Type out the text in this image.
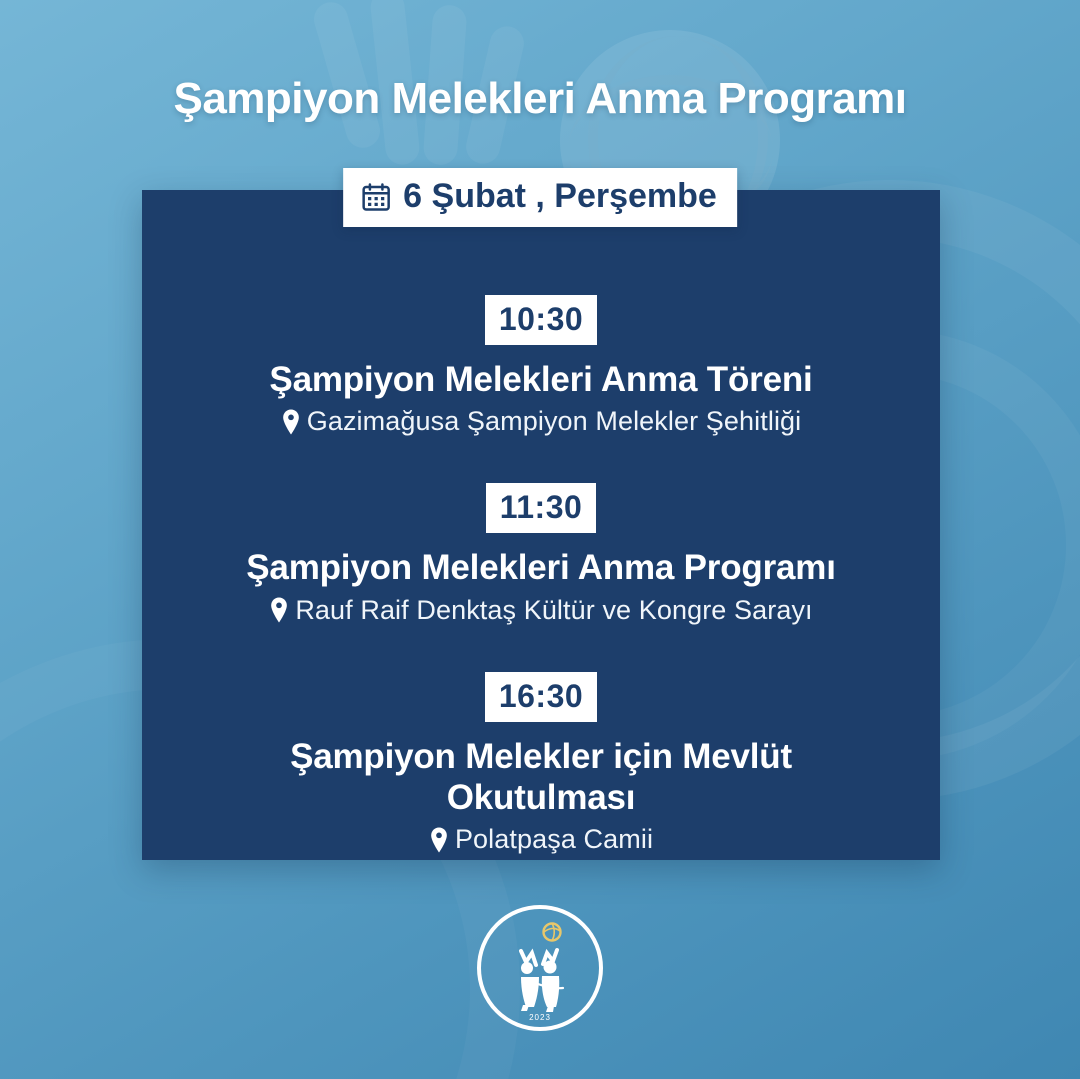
Şampiyon Melekleri Anma Programı
6 Şubat , Perşembe
10:30
Şampiyon Melekleri Anma Töreni
Gazimağusa Şampiyon Melekler Şehitliği
11:30
Şampiyon Melekleri Anma Programı
Rauf Raif Denktaş Kültür ve Kongre Sarayı
16:30
Şampiyon Melekler için Mevlüt Okutulması
Polatpaşa Camii
2023
